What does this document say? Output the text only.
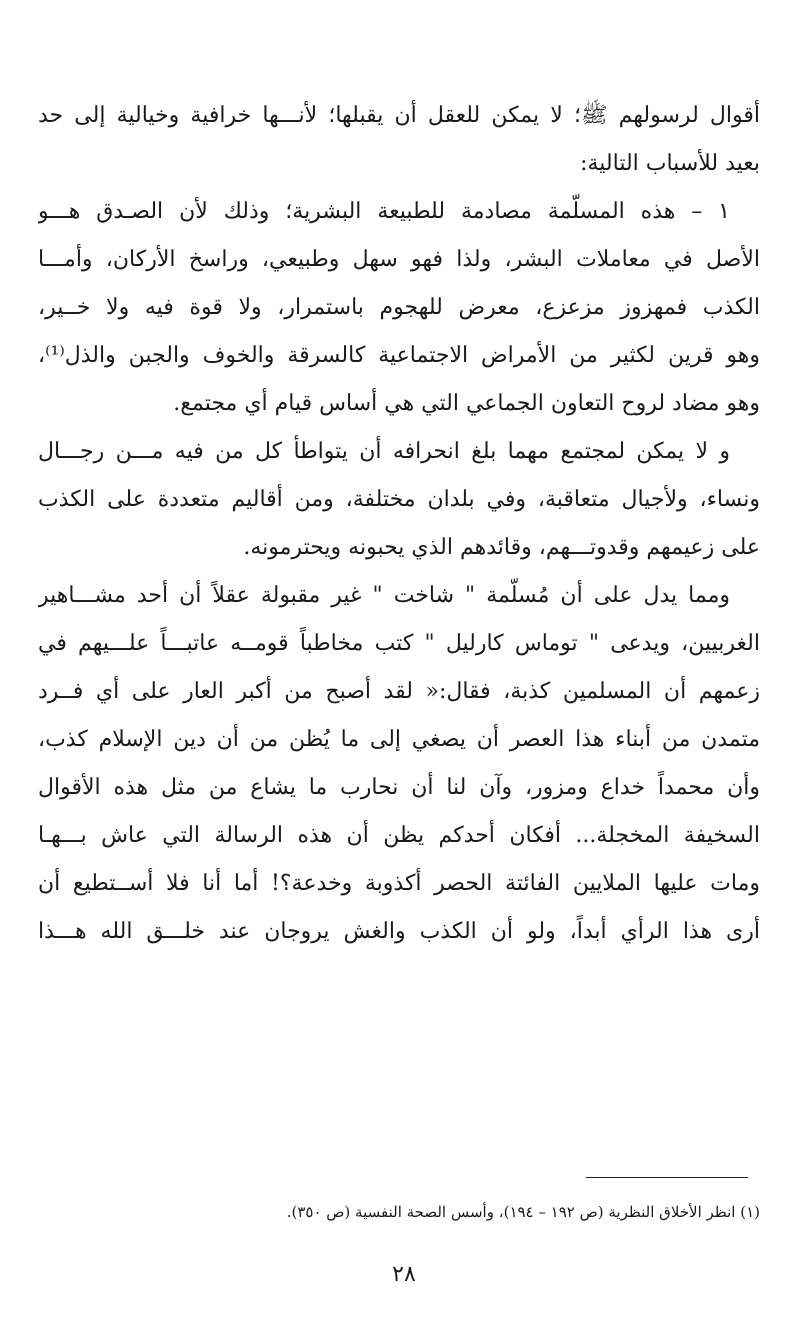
أقوال لرسولهم ﷺ؛ لا يمكن للعقل أن يقبلها؛ لأنـــها خرافية وخيالية إلى حد
بعيد للأسباب التالية:
١ – هذه المسلّمة مصادمة للطبيعة البشرية؛ وذلك لأن الصـدق هـــو
الأصل في معاملات البشر، ولذا فهو سهل وطبيعي، وراسخ الأركان، وأمـــا
الكذب فمهزوز مزعزع، معرض للهجوم باستمرار، ولا قوة فيه ولا خــير،
وهو قرين لكثير من الأمراض الاجتماعية كالسرقة والخوف والجبن والذل⁽¹⁾،
وهو مضاد لروح التعاون الجماعي التي هي أساس قيام أي مجتمع.
و لا يمكن لمجتمع مهما بلغ انحرافه أن يتواطأ كل من فيه مـــن رجـــال
ونساء، ولأجيال متعاقبة، وفي بلدان مختلفة، ومن أقاليم متعددة على الكذب
على زعيمهم وقدوتـــهم، وقائدهم الذي يحبونه ويحترمونه.
ومما يدل على أن مُسلّمة " شاخت " غير مقبولة عقلاً أن أحد مشـــاهير
الغربيين، ويدعى " توماس كارليل " كتب مخاطباً قومــه عاتبـــاً علـــيهم في
زعمهم أن المسلمين كذبة، فقال:« لقد أصبح من أكبر العار على أي فــرد
متمدن من أبناء هذا العصر أن يصغي إلى ما يُظن من أن دين الإسلام كذب،
وأن محمداً خداع ومزور، وآن لنا أن نحارب ما يشاع من مثل هذه الأقوال
السخيفة المخجلة... أفكان أحدكم يظن أن هذه الرسالة التي عاش بـــهـا
ومات عليها الملايين الفائتة الحصر أكذوبة وخدعة؟! أما أنا فلا أســتطيع أن
أرى هذا الرأي أبداً، ولو أن الكذب والغش يروجان عند خلـــق الله هـــذا
(١) انظر الأخلاق النظرية (ص ١٩٢ – ١٩٤)، وأسس الصحة النفسية (ص ٣٥٠).
٢٨
